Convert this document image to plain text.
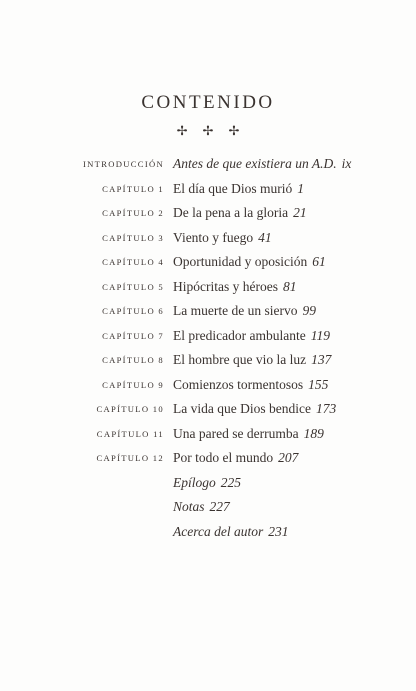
CONTENIDO
✢ ✢ ✢
INTRODUCCIÓN Antes de que existiera un A.D. ix
CAPÍTULO 1 El día que Dios murió 1
CAPÍTULO 2 De la pena a la gloria 21
CAPÍTULO 3 Viento y fuego 41
CAPÍTULO 4 Oportunidad y oposición 61
CAPÍTULO 5 Hipócritas y héroes 81
CAPÍTULO 6 La muerte de un siervo 99
CAPÍTULO 7 El predicador ambulante 119
CAPÍTULO 8 El hombre que vio la luz 137
CAPÍTULO 9 Comienzos tormentosos 155
CAPÍTULO 10 La vida que Dios bendice 173
CAPÍTULO 11 Una pared se derrumba 189
CAPÍTULO 12 Por todo el mundo 207
Epílogo 225
Notas 227
Acerca del autor 231
